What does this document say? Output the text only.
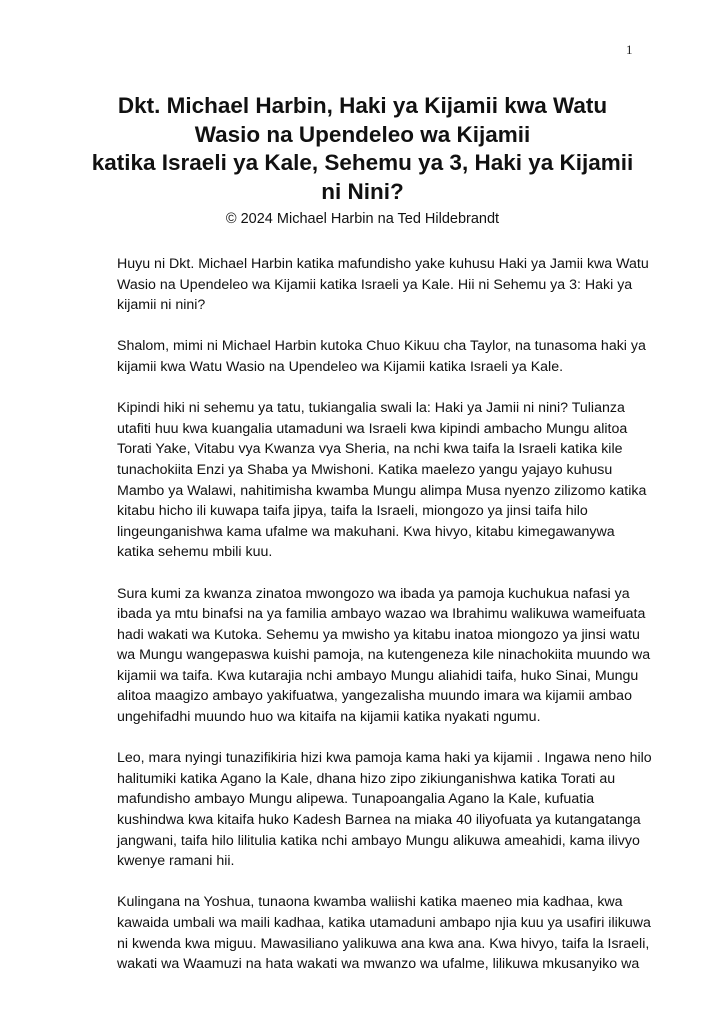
1
Dkt. Michael Harbin, Haki ya Kijamii kwa Watu
Wasio na Upendeleo wa Kijamii
katika Israeli ya Kale, Sehemu ya 3, Haki ya Kijamii
ni Nini?
© 2024 Michael Harbin na Ted Hildebrandt

Huyu ni Dkt. Michael Harbin katika mafundisho yake kuhusu Haki ya Jamii kwa Watu
Wasio na Upendeleo wa Kijamii katika Israeli ya Kale. Hii ni Sehemu ya 3: Haki ya
kijamii ni nini?

Shalom, mimi ni Michael Harbin kutoka Chuo Kikuu cha Taylor, na tunasoma haki ya
kijamii kwa Watu Wasio na Upendeleo wa Kijamii katika Israeli ya Kale.

Kipindi hiki ni sehemu ya tatu, tukiangalia swali la: Haki ya Jamii ni nini? Tulianza
utafiti huu kwa kuangalia utamaduni wa Israeli kwa kipindi ambacho Mungu alitoa
Torati Yake, Vitabu vya Kwanza vya Sheria, na nchi kwa taifa la Israeli katika kile
tunachokiita Enzi ya Shaba ya Mwishoni. Katika maelezo yangu yajayo kuhusu
Mambo ya Walawi, nahitimisha kwamba Mungu alimpa Musa nyenzo zilizomo katika
kitabu hicho ili kuwapa taifa jipya, taifa la Israeli, miongozo ya jinsi taifa hilo
lingeunganishwa kama ufalme wa makuhani. Kwa hivyo, kitabu kimegawanywa
katika sehemu mbili kuu.

Sura kumi za kwanza zinatoa mwongozo wa ibada ya pamoja kuchukua nafasi ya
ibada ya mtu binafsi na ya familia ambayo wazao wa Ibrahimu walikuwa wameifuata
hadi wakati wa Kutoka. Sehemu ya mwisho ya kitabu inatoa miongozo ya jinsi watu
wa Mungu wangepaswa kuishi pamoja, na kutengeneza kile ninachokiita muundo wa
kijamii wa taifa. Kwa kutarajia nchi ambayo Mungu aliahidi taifa, huko Sinai, Mungu
alitoa maagizo ambayo yakifuatwa, yangezalisha muundo imara wa kijamii ambao
ungehifadhi muundo huo wa kitaifa na kijamii katika nyakati ngumu.

Leo, mara nyingi tunazifikiria hizi kwa pamoja kama haki ya kijamii . Ingawa neno hilo
halitumiki katika Agano la Kale, dhana hizo zipo zikiunganishwa katika Torati au
mafundisho ambayo Mungu alipewa. Tunapoangalia Agano la Kale, kufuatia
kushindwa kwa kitaifa huko Kadesh Barnea na miaka 40 iliyofuata ya kutangatanga
jangwani, taifa hilo lilitulia katika nchi ambayo Mungu alikuwa ameahidi, kama ilivyo
kwenye ramani hii.

Kulingana na Yoshua, tunaona kwamba waliishi katika maeneo mia kadhaa, kwa
kawaida umbali wa maili kadhaa, katika utamaduni ambapo njia kuu ya usafiri ilikuwa
ni kwenda kwa miguu. Mawasiliano yalikuwa ana kwa ana. Kwa hivyo, taifa la Israeli,
wakati wa Waamuzi na hata wakati wa mwanzo wa ufalme, lilikuwa mkusanyiko wa
